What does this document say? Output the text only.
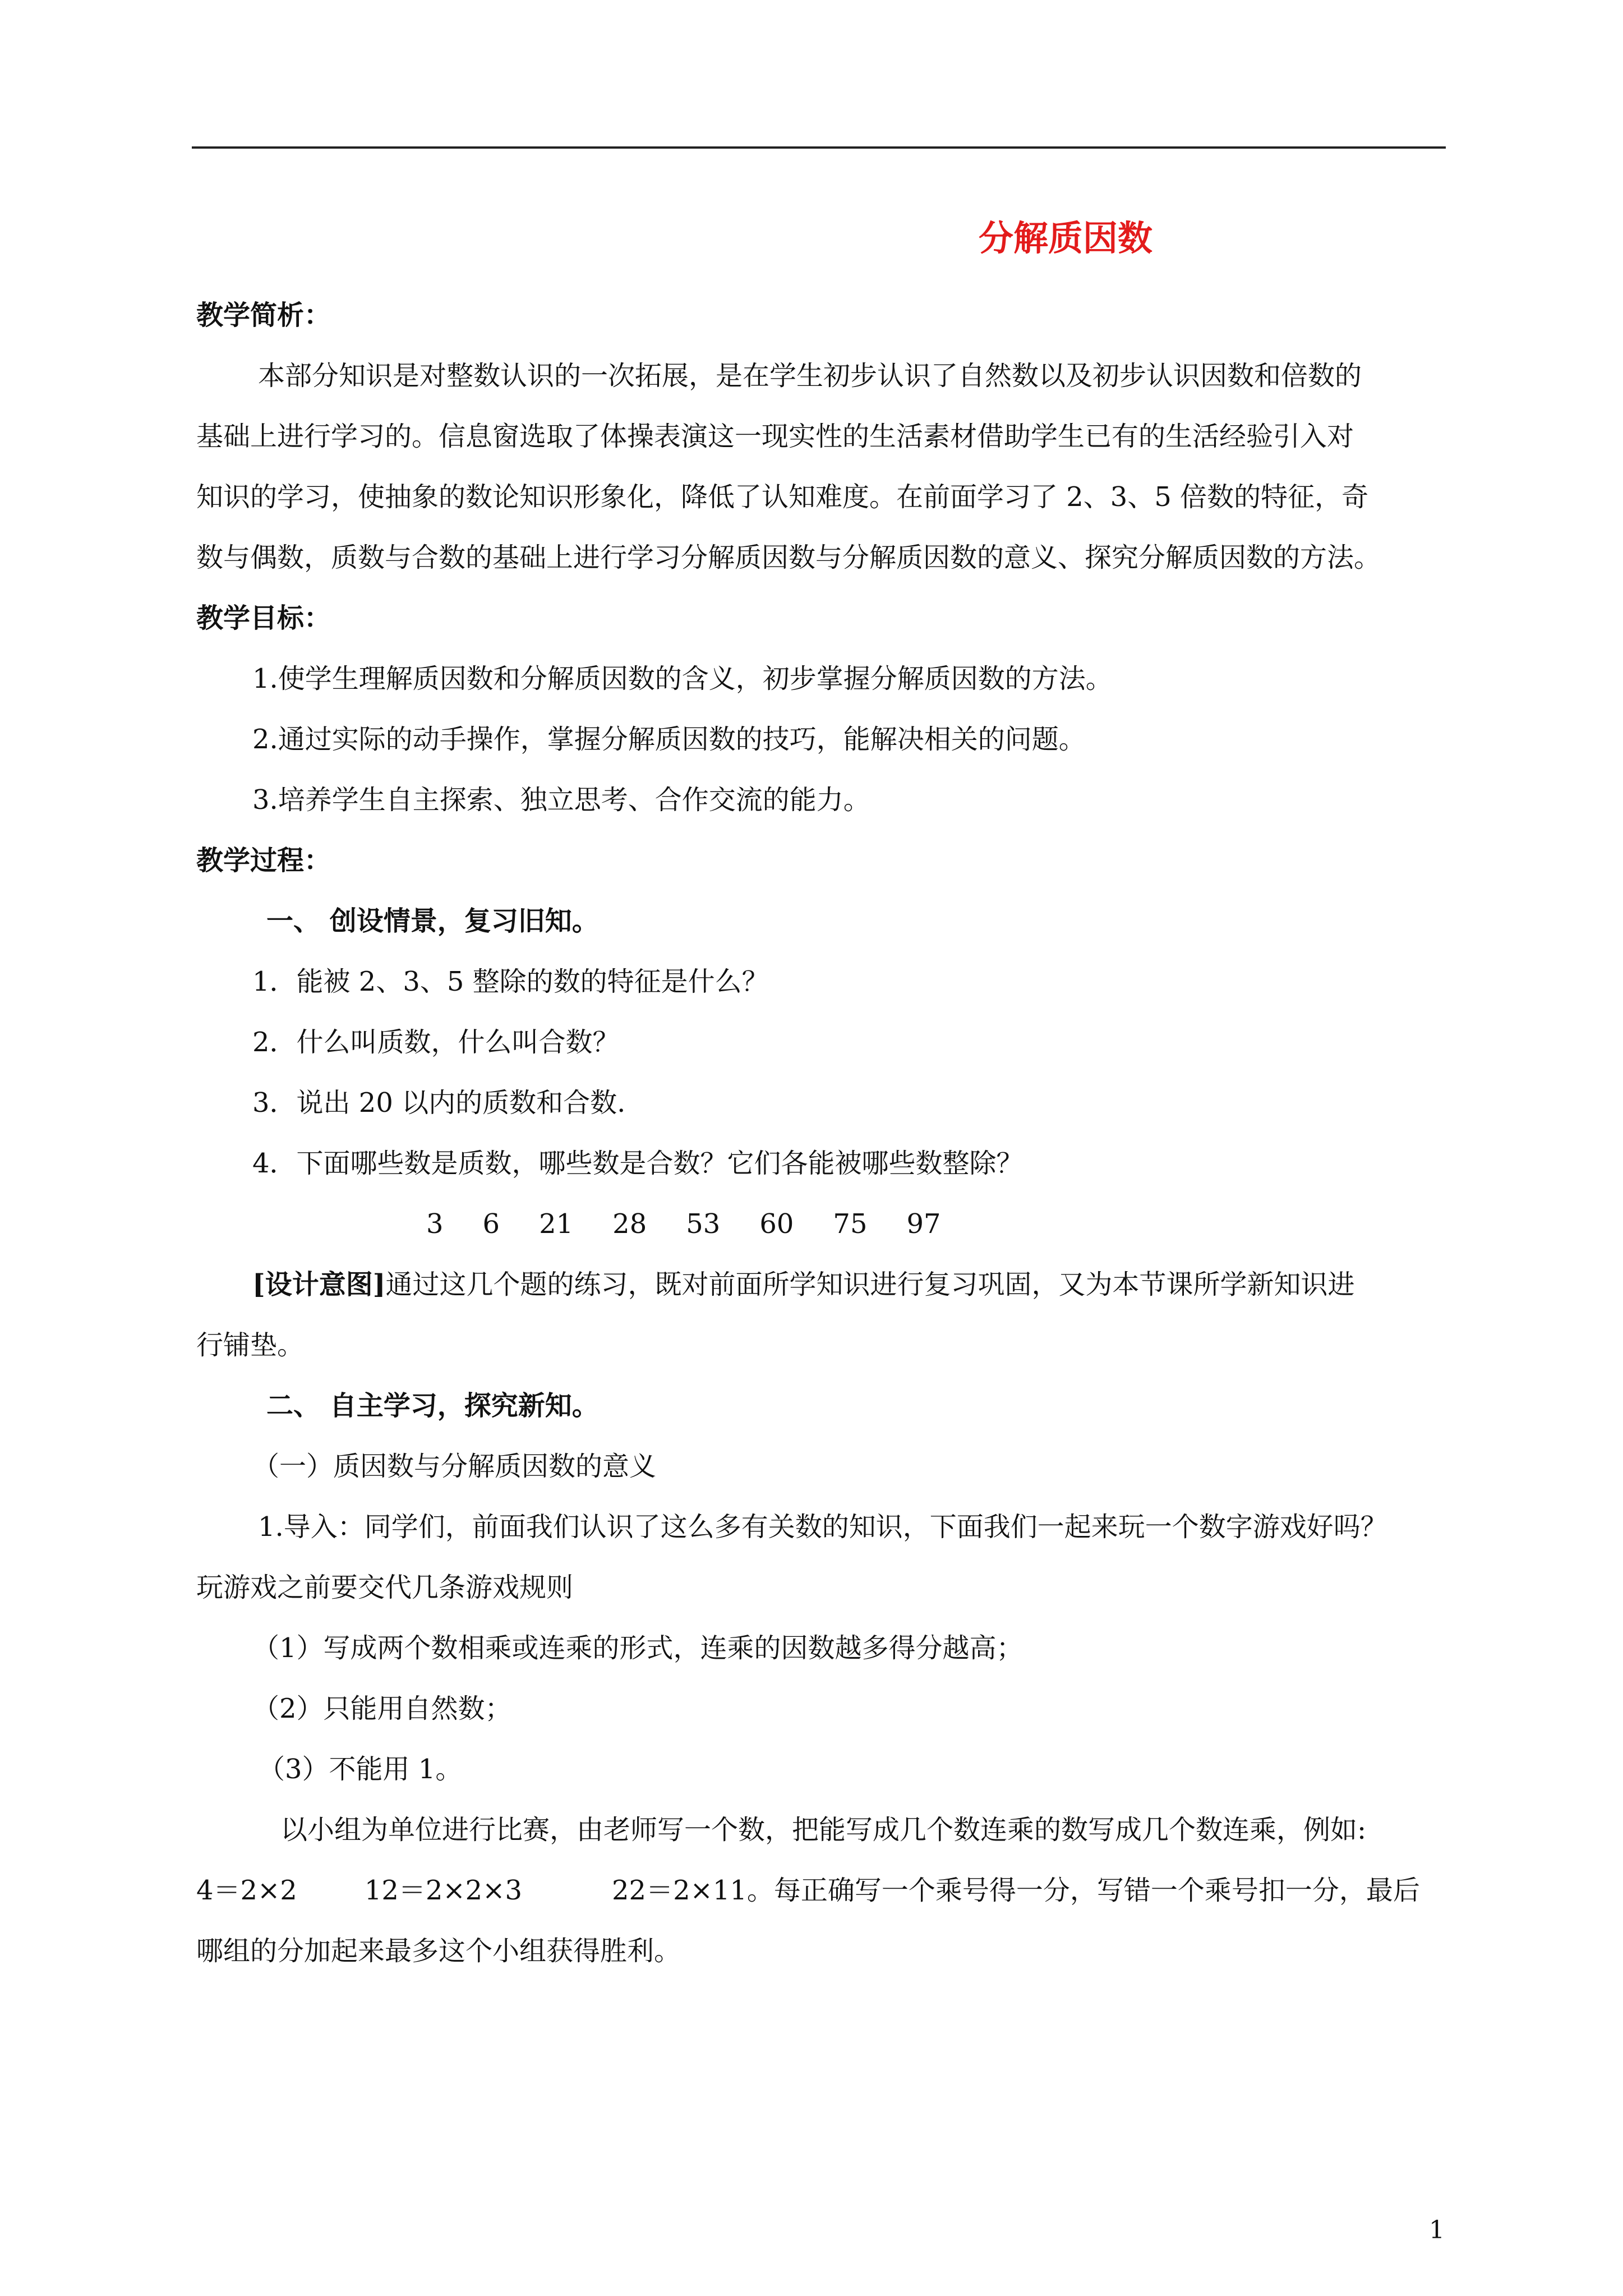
分解质因数
教学简析：
本部分知识是对整数认识的一次拓展，是在学生初步认识了自然数以及初步认识因数和倍数的
基础上进行学习的。信息窗选取了体操表演这一现实性的生活素材借助学生已有的生活经验引入对
知识的学习，使抽象的数论知识形象化，降低了认知难度。在前面学习了 2、3、5 倍数的特征，奇
数与偶数，质数与合数的基础上进行学习分解质因数与分解质因数的意义、探究分解质因数的方法。
教学目标：
1.使学生理解质因数和分解质因数的含义，初步掌握分解质因数的方法。
2.通过实际的动手操作，掌握分解质因数的技巧，能解决相关的问题。
3.培养学生自主探索、独立思考、合作交流的能力。
教学过程：
一、 创设情景，复习旧知。
1．能被 2、3、5 整除的数的特征是什么？
2．什么叫质数，什么叫合数？
3．说出 20 以内的质数和合数.
4．下面哪些数是质数，哪些数是合数？它们各能被哪些数整除？
3 6 21 28 53 60 75 97
[设计意图]通过这几个题的练习，既对前面所学知识进行复习巩固，又为本节课所学新知识进
行铺垫。
二、 自主学习，探究新知。
（一）质因数与分解质因数的意义
1.导入：同学们，前面我们认识了这么多有关数的知识，下面我们一起来玩一个数字游戏好吗？
玩游戏之前要交代几条游戏规则
（1）写成两个数相乘或连乘的形式，连乘的因数越多得分越高；
（2）只能用自然数；
（3）不能用 1。
以小组为单位进行比赛，由老师写一个数，把能写成几个数连乘的数写成几个数连乘，例如:
4＝2×2	12＝2×2×3	22＝2×11。每正确写一个乘号得一分，写错一个乘号扣一分，最后
哪组的分加起来最多这个小组获得胜利。
1
